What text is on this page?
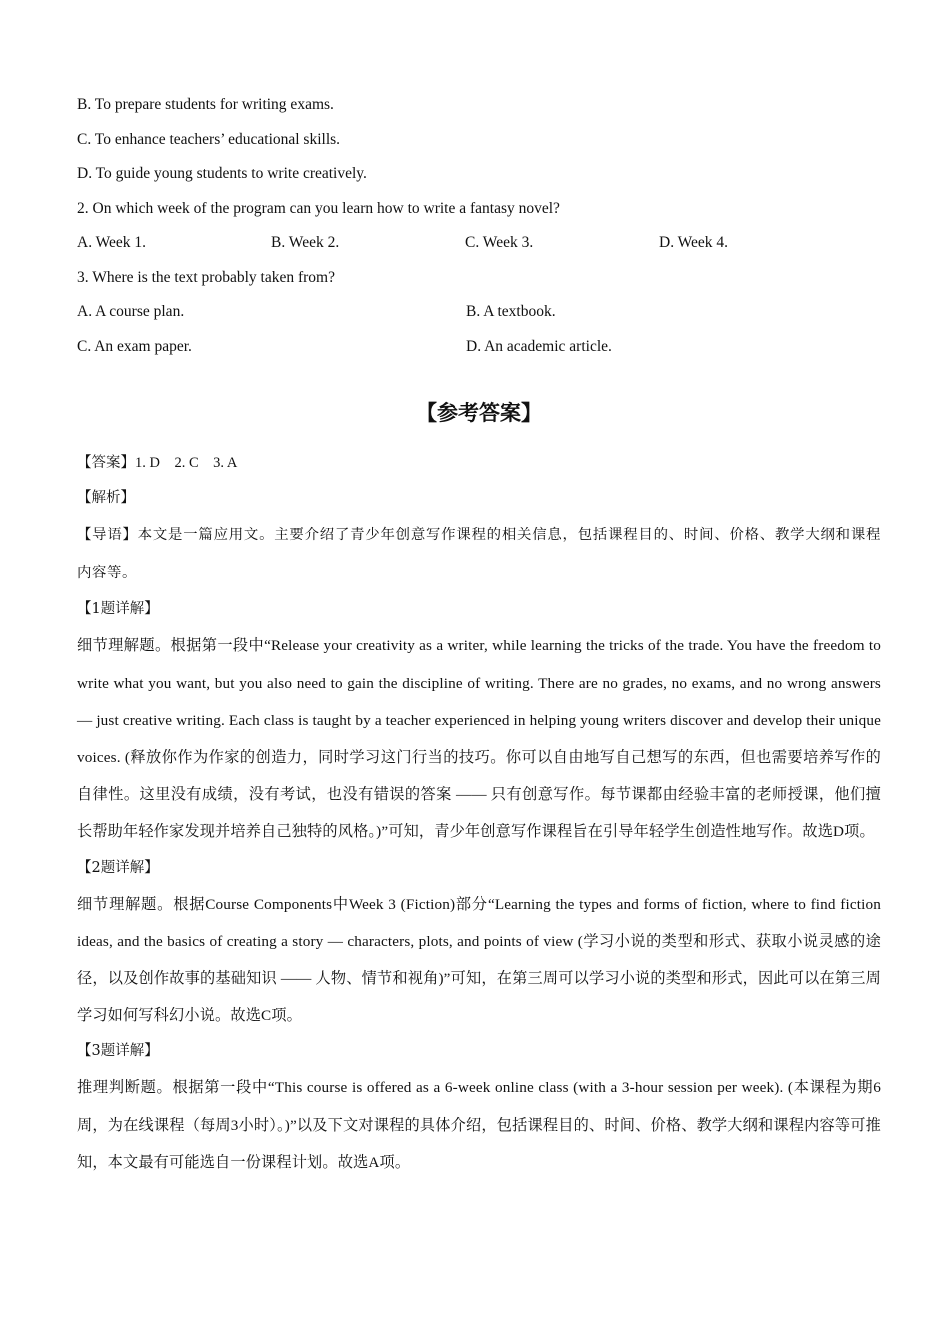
B. To prepare students for writing exams.
C. To enhance teachers’ educational skills.
D. To guide young students to write creatively.
2. On which week of the program can you learn how to write a fantasy novel?
A. Week 1.	B. Week 2.	C. Week 3.	D. Week 4.
3. Where is the text probably taken from?
A. A course plan.	B. A textbook.
C. An exam paper.	D. An academic article.
【参考答案】
【答案】1. D　2. C　3. A
【解析】
【导语】本文是一篇应用文。主要介绍了青少年创意写作课程的相关信息，包括课程目的、时间、价格、教学大纲和课程内容等。
【1题详解】
细节理解题。根据第一段中“Release your creativity as a writer, while learning the tricks of the trade. You have the freedom to write what you want, but you also need to gain the discipline of writing. There are no grades, no exams, and no wrong answers — just creative writing. Each class is taught by a teacher experienced in helping young writers discover and develop their unique voices. (释放你作为作家的创造力，同时学习这门行当的技巧。你可以自由地写自己想写的东西，但也需要培养写作的自律性。这里没有成绩，没有考试，也没有错误的答案 —— 只有创意写作。每节课都由经验丰富的老师授课，他们擅长帮助年轻作家发现并培养自己独特的风格。)”可知，青少年创意写作课程旨在引导年轻学生创造性地写作。故选D项。
【2题详解】
细节理解题。根据Course Components中Week 3 (Fiction)部分“Learning the types and forms of fiction, where to find fiction ideas, and the basics of creating a story — characters, plots, and points of view (学习小说的类型和形式、获取小说灵感的途径，以及创作故事的基础知识 —— 人物、情节和视角)”可知，在第三周可以学习小说的类型和形式，因此可以在第三周学习如何写科幻小说。故选C项。
【3题详解】
推理判断题。根据第一段中“This course is offered as a 6-week online class (with a 3-hour session per week). (本课程为期6周，为在线课程（每周3小时）。)”以及下文对课程的具体介绍，包括课程目的、时间、价格、教学大纲和课程内容等可推知，本文最有可能选自一份课程计划。故选A项。
